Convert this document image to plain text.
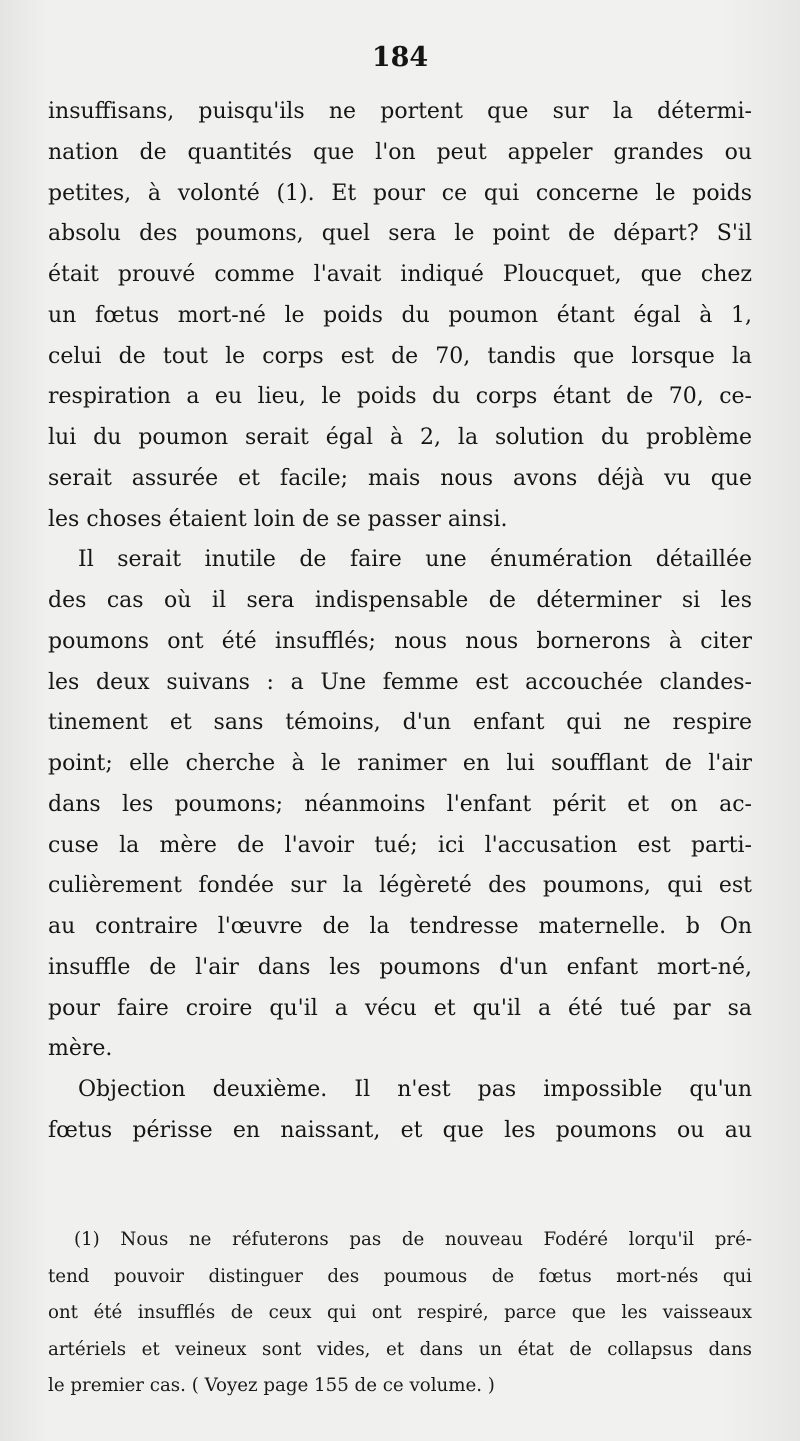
184
insuffisans, puisqu'ils ne portent que sur la détermi-
nation de quantités que l'on peut appeler grandes ou
petites, à volonté (1). Et pour ce qui concerne le poids
absolu des poumons, quel sera le point de départ? S'il
était prouvé comme l'avait indiqué Ploucquet, que chez
un fœtus mort-né le poids du poumon étant égal à 1,
celui de tout le corps est de 70, tandis que lorsque la
respiration a eu lieu, le poids du corps étant de 70, ce-
lui du poumon serait égal à 2, la solution du problème
serait assurée et facile; mais nous avons déjà vu que
les choses étaient loin de se passer ainsi.
Il serait inutile de faire une énumération détaillée
des cas où il sera indispensable de déterminer si les
poumons ont été insufflés; nous nous bornerons à citer
les deux suivans : a Une femme est accouchée clandes-
tinement et sans témoins, d'un enfant qui ne respire
point; elle cherche à le ranimer en lui soufflant de l'air
dans les poumons; néanmoins l'enfant périt et on ac-
cuse la mère de l'avoir tué; ici l'accusation est parti-
culièrement fondée sur la légèreté des poumons, qui est
au contraire l'œuvre de la tendresse maternelle. b On
insuffle de l'air dans les poumons d'un enfant mort-né,
pour faire croire qu'il a vécu et qu'il a été tué par sa
mère.
Objection deuxième. Il n'est pas impossible qu'un
fœtus périsse en naissant, et que les poumons ou au
(1) Nous ne réfuterons pas de nouveau Fodéré lorqu'il pré-
tend pouvoir distinguer des poumous de fœtus mort-nés qui
ont été insufflés de ceux qui ont respiré, parce que les vaisseaux
artériels et veineux sont vides, et dans un état de collapsus dans
le premier cas. ( Voyez page 155 de ce volume. )
